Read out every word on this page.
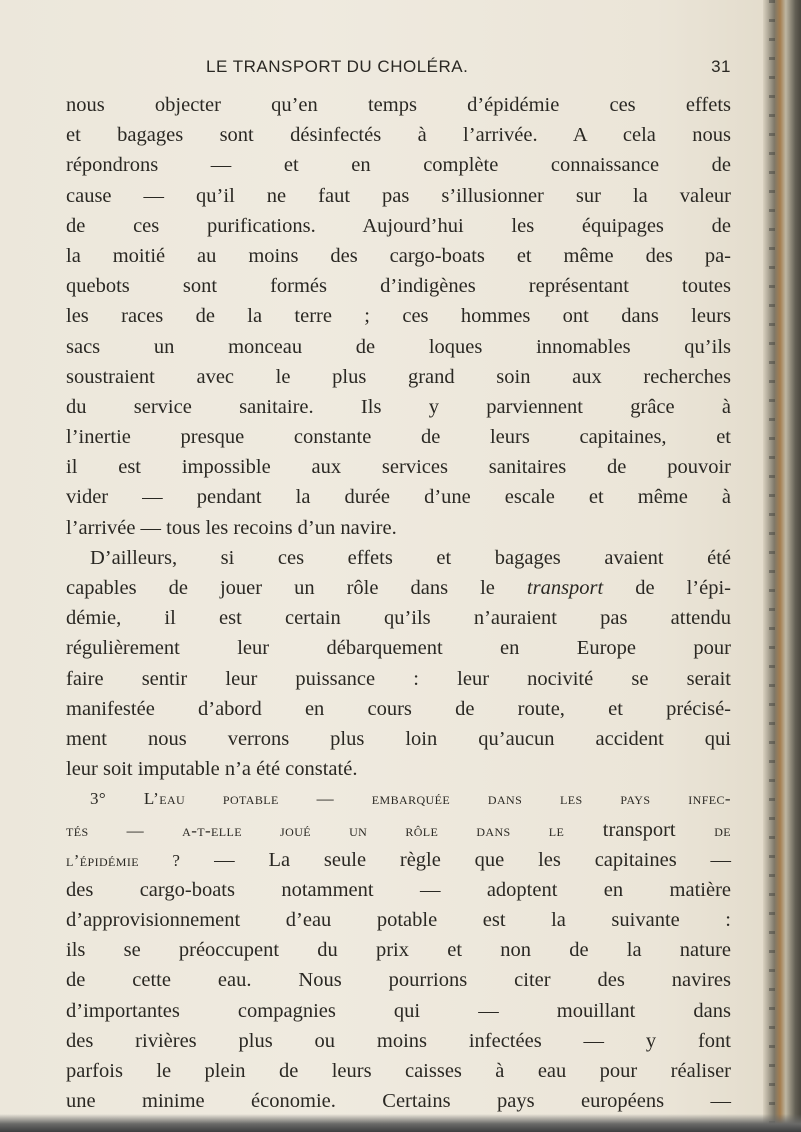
LE TRANSPORT DU CHOLÉRA.	31
nous objecter qu’en temps d’épidémie ces effets
et bagages sont désinfectés à l’arrivée. A cela nous
répondrons — et en complète connaissance de
cause — qu’il ne faut pas s’illusionner sur la valeur
de ces purifications. Aujourd’hui les équipages de
la moitié au moins des cargo-boats et même des pa-
quebots sont formés d’indigènes représentant toutes
les races de la terre ; ces hommes ont dans leurs
sacs un monceau de loques innomables qu’ils
soustraient avec le plus grand soin aux recherches
du service sanitaire. Ils y parviennent grâce à
l’inertie presque constante de leurs capitaines, et
il est impossible aux services sanitaires de pouvoir
vider — pendant la durée d’une escale et même à
l’arrivée — tous les recoins d’un navire.
D’ailleurs, si ces effets et bagages avaient été
capables de jouer un rôle dans le transport de l’épi-
démie, il est certain qu’ils n’auraient pas attendu
régulièrement leur débarquement en Europe pour
faire sentir leur puissance : leur nocivité se serait
manifestée d’abord en cours de route, et précisé-
ment nous verrons plus loin qu’aucun accident qui
leur soit imputable n’a été constaté.
3° L’eau potable — embarquée dans les pays infec-
tés — a-t-elle joué un rôle dans le transport de
l’épidémie ? — La seule règle que les capitaines —
des cargo-boats notamment — adoptent en matière
d’approvisionnement d’eau potable est la suivante :
ils se préoccupent du prix et non de la nature
de cette eau. Nous pourrions citer des navires
d’importantes compagnies qui — mouillant dans
des rivières plus ou moins infectées — y font
parfois le plein de leurs caisses à eau pour réaliser
une minime économie. Certains pays européens —
